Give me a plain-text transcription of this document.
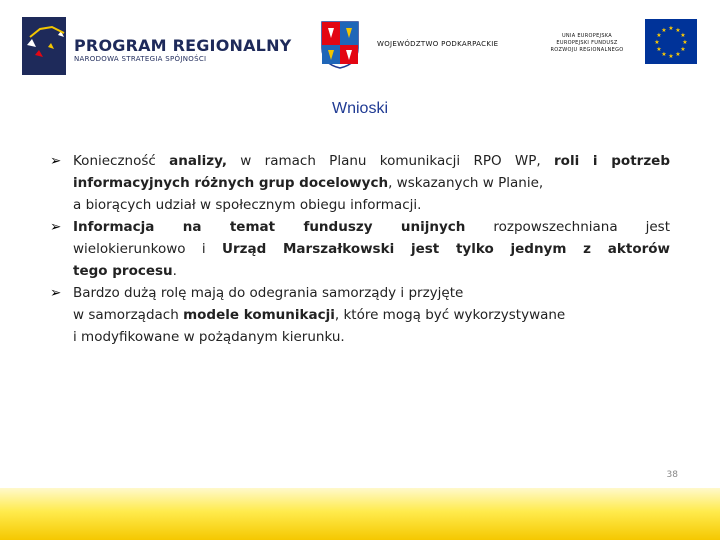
PROGRAM REGIONALNY
NARODOWA STRATEGIA SPÓJNOŚCI
WOJEWÓDZTWO PODKARPACKIE
UNIA EUROPEJSKA
EUROPEJSKI FUNDUSZ
ROZWOJU REGIONALNEGO
★ ★
★
★
★
★
★
★
★
★
★
★
Wnioski
➢ Konieczność analizy, w ramach Planu komunikacji RPO WP, roli i potrzeb
informacyjnych różnych grup docelowych, wskazanych w Planie,
a biorących udział w społecznym obiegu informacji.
➢ Informacja na temat funduszy unijnych rozpowszechniana jest
wielokierunkowo i Urząd Marszałkowski jest tylko jednym z aktorów
tego procesu.
➢ Bardzo dużą rolę mają do odegrania samorządy i przyjęte
w samorządach modele komunikacji, które mogą być wykorzystywane
i modyfikowane w pożądanym kierunku.
38
